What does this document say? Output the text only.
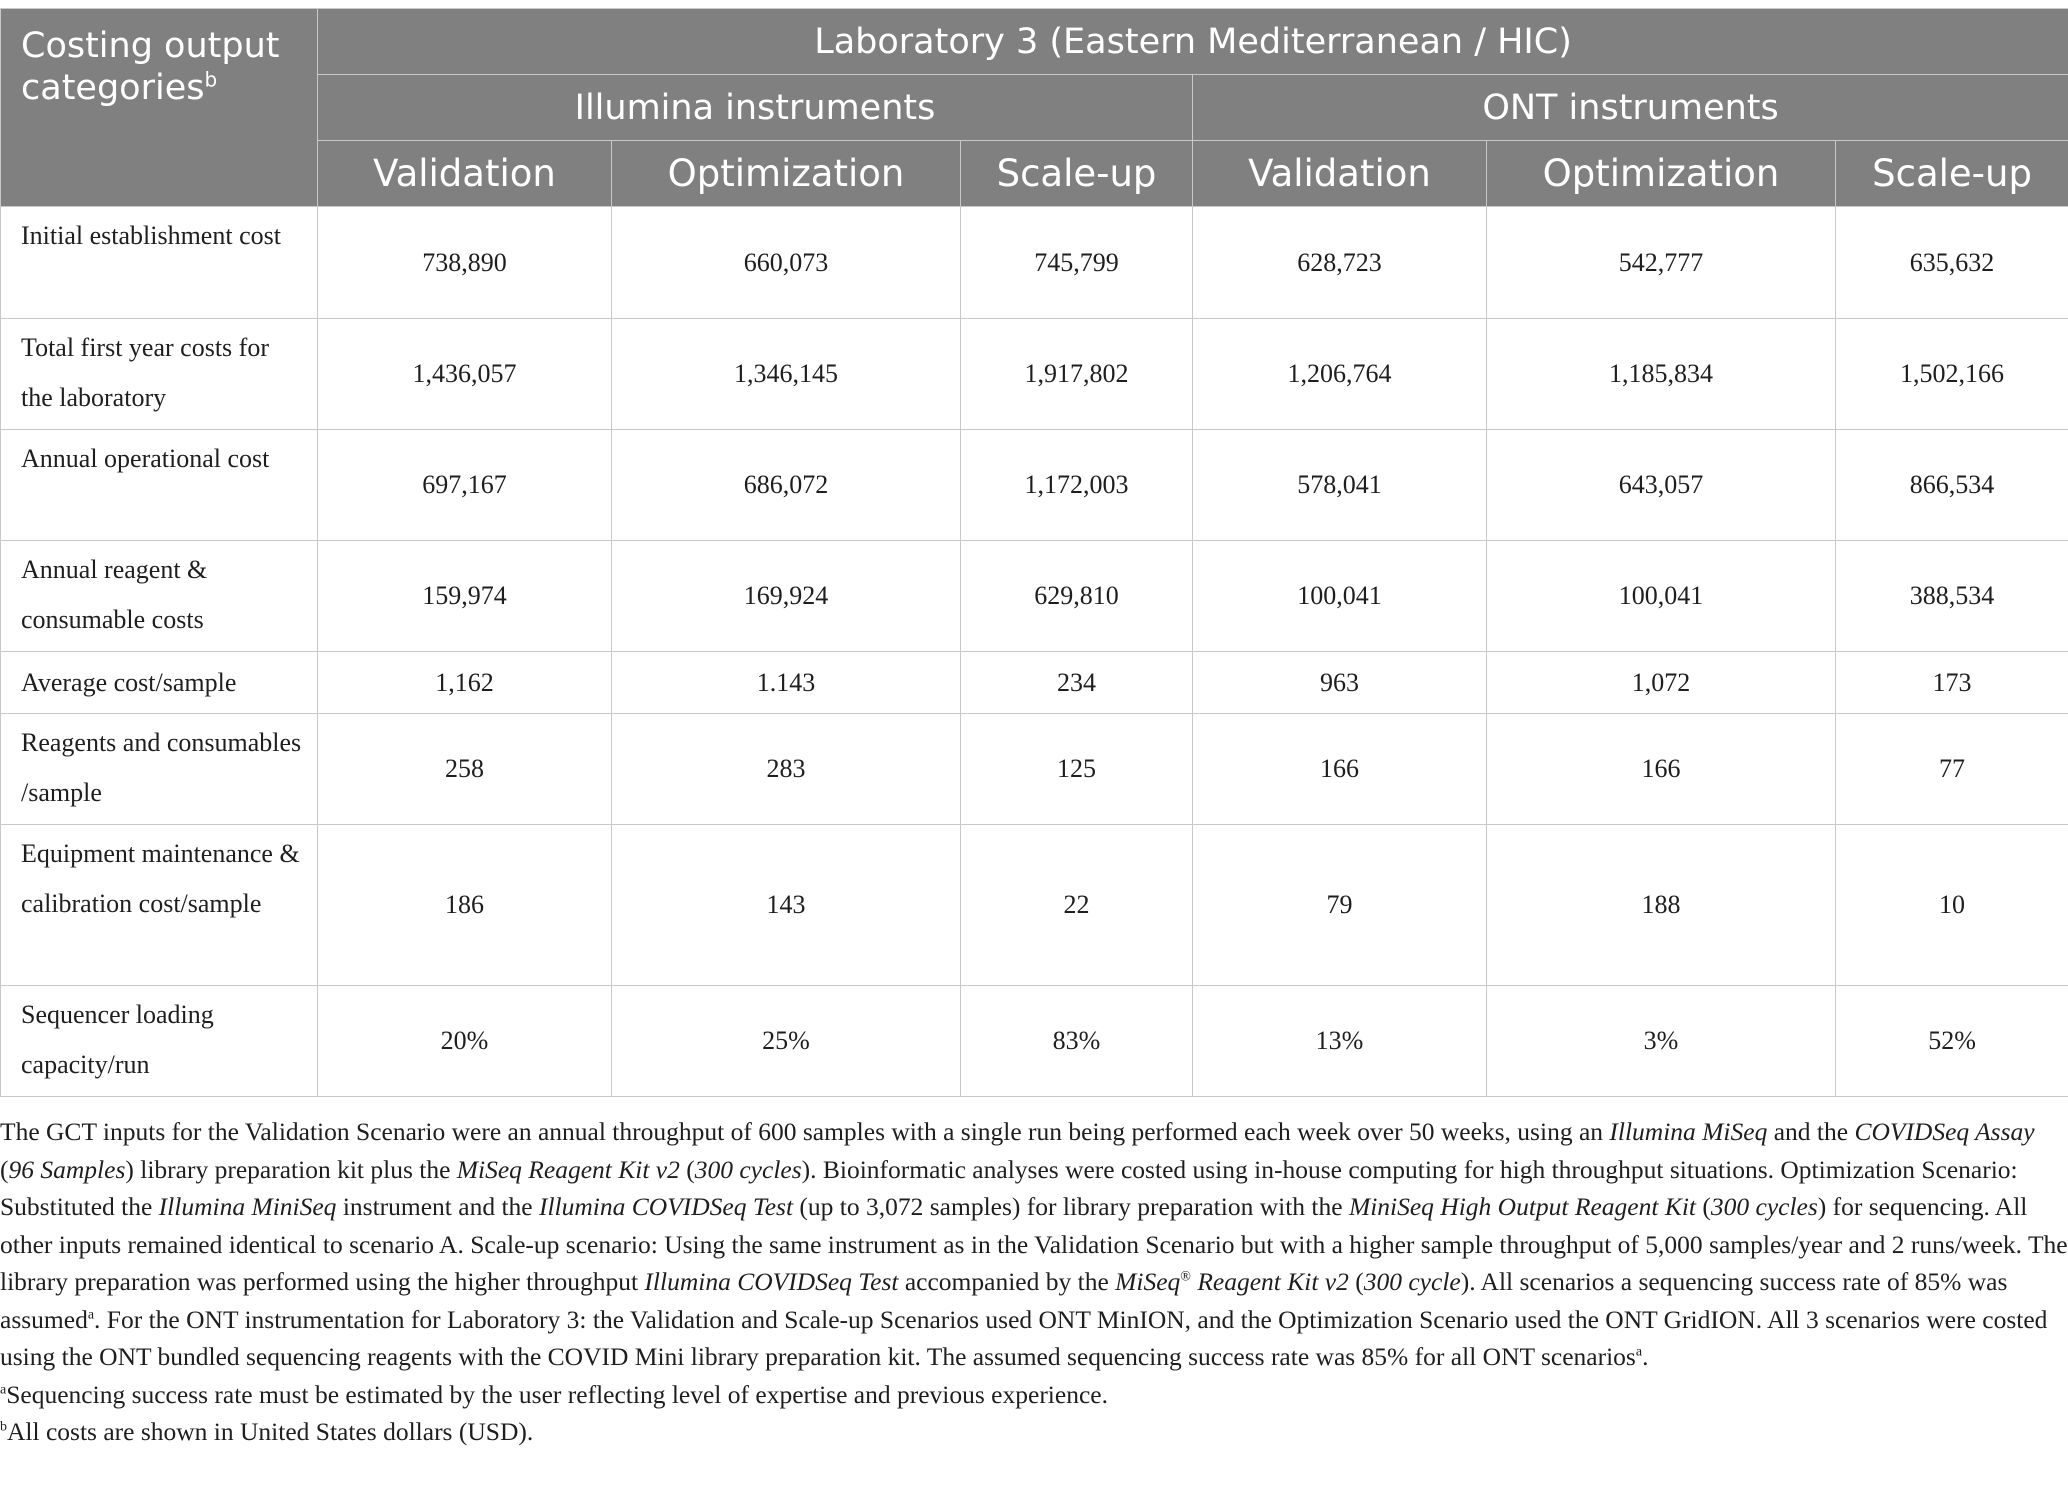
Costing output categories$^b$	Laboratory 3 (Eastern Mediterranean / HIC)					
	Illumina instruments			ONT instruments		
	Validation	Optimization	Scale-up	Validation	Optimization	Scale-up
Initial establishment cost	738,890	660,073	745,799	628,723	542,777	635,632
Total first year costs for the laboratory	1,436,057	1,346,145	1,917,802	1,206,764	1,185,834	1,502,166
Annual operational cost	697,167	686,072	1,172,003	578,041	643,057	866,534
Annual reagent & consumable costs	159,974	169,924	629,810	100,041	100,041	388,534
Average cost/sample	1,162	1.143	234	963	1,072	173
Reagents and consumables /sample	258	283	125	166	166	77
Equipment maintenance & calibration cost/sample	186	143	22	79	188	10
Sequencer loading capacity/run	20%	25%	83%	13%	3%	52%

The GCT inputs for the Validation Scenario were an annual throughput of 600 samples with a single run being performed each week over 50 weeks, using an Illumina MiSeq and the COVIDSeq Assay (96 Samples) library preparation kit plus the MiSeq Reagent Kit v2 (300 cycles). Bioinformatic analyses were costed using in-house computing for high throughput situations. Optimization Scenario: Substituted the Illumina MiniSeq instrument and the Illumina COVIDSeq Test (up to 3,072 samples) for library preparation with the MiniSeq High Output Reagent Kit (300 cycles) for sequencing. All other inputs remained identical to scenario A. Scale-up scenario: Using the same instrument as in the Validation Scenario but with a higher sample throughput of 5,000 samples/year and 2 runs/week. The library preparation was performed using the higher throughput Illumina COVIDSeq Test accompanied by the MiSeq® Reagent Kit v2 (300 cycle). All scenarios a sequencing success rate of 85% was assumed$^a$. For the ONT instrumentation for Laboratory 3: the Validation and Scale-up Scenarios used ONT MinION, and the Optimization Scenario used the ONT GridION. All 3 scenarios were costed using the ONT bundled sequencing reagents with the COVID Mini library preparation kit. The assumed sequencing success rate was 85% for all ONT scenarios$^a$.

$^a$Sequencing success rate must be estimated by the user reflecting level of expertise and previous experience.

$^b$All costs are shown in United States dollars (USD).
